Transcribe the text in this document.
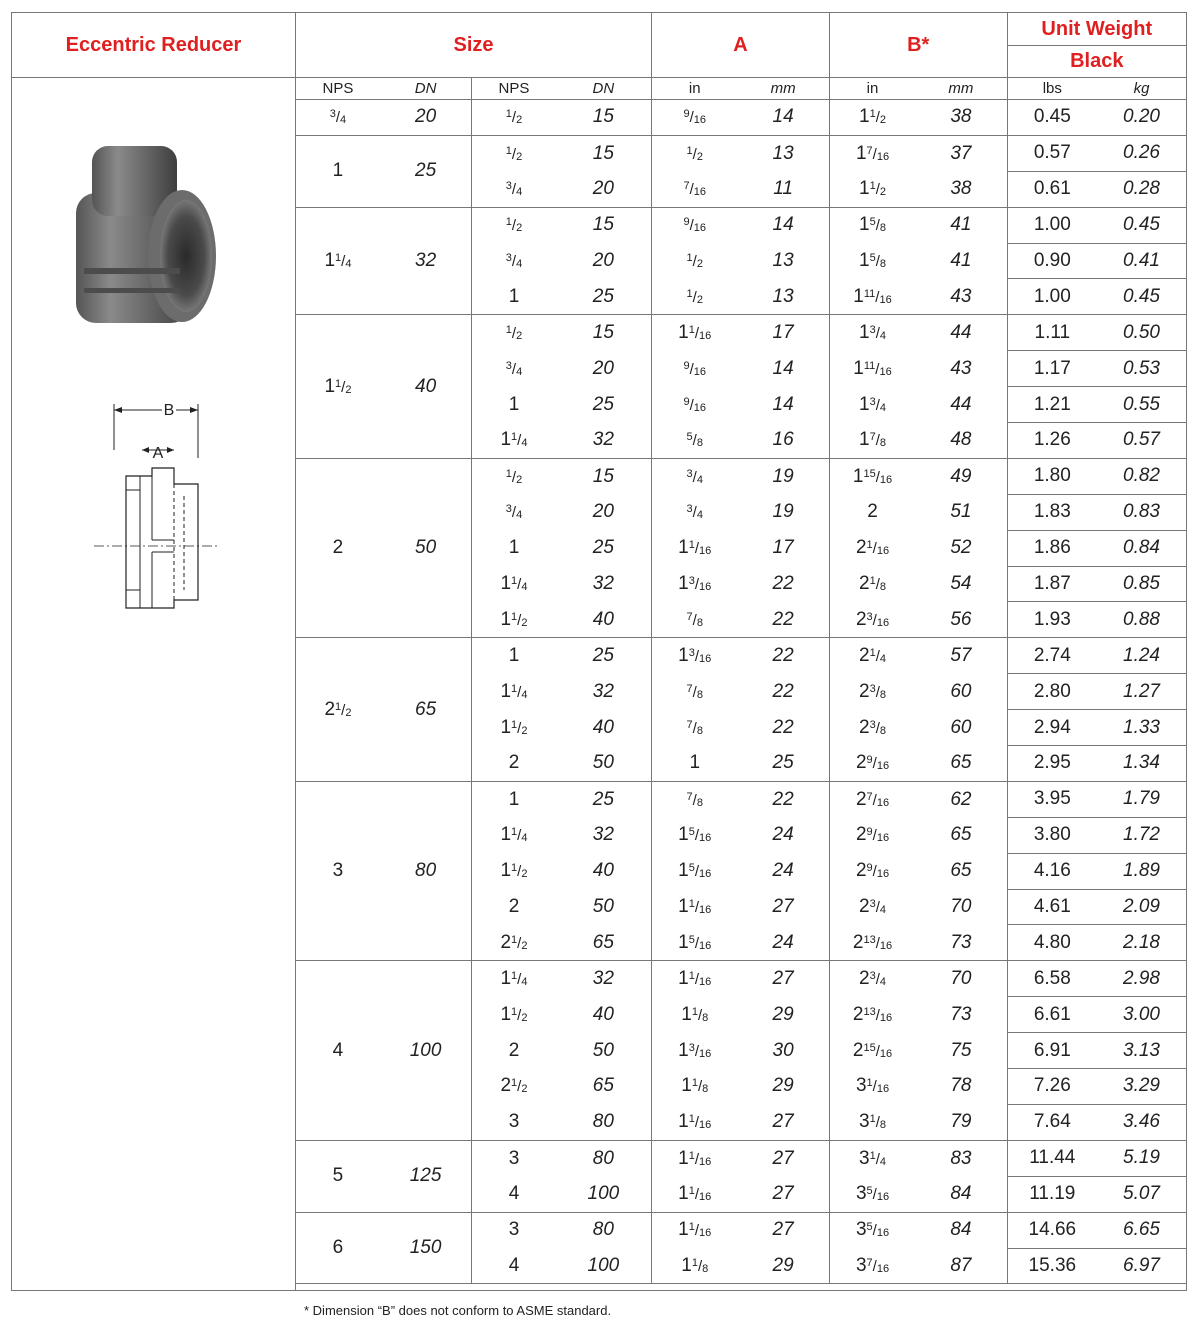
Eccentric Reducer
B
A
Size				A		B*		Unit Weight	
								Black	
NPS	DN	NPS	DN	in	mm	in	mm	lbs	kg
$^3/_4$	20	$^1/_2$	15	$^9/_{16}$	14	$1^1/_2$	38	0.45	0.20
1	25	$^1/_2$	15	$^1/_2$	13	$1^7/_{16}$	37	0.57	0.26
		$^3/_4$	20	$^7/_{16}$	11	$1^1/_2$	38	0.61	0.28
$1^1/_4$	32	$^1/_2$	15	$^9/_{16}$	14	$1^5/_8$	41	1.00	0.45
		$^3/_4$	20	$^1/_2$	13	$1^5/_8$	41	0.90	0.41
		1	25	$^1/_2$	13	$1^{11}/_{16}$	43	1.00	0.45
$1^1/_2$	40	$^1/_2$	15	$1^1/_{16}$	17	$1^3/_4$	44	1.11	0.50
		$^3/_4$	20	$^9/_{16}$	14	$1^{11}/_{16}$	43	1.17	0.53
		1	25	$^9/_{16}$	14	$1^3/_4$	44	1.21	0.55
		$1^1/_4$	32	$^5/_8$	16	$1^7/_8$	48	1.26	0.57
2	50	$^1/_2$	15	$^3/_4$	19	$1^{15}/_{16}$	49	1.80	0.82
		$^3/_4$	20	$^3/_4$	19	2	51	1.83	0.83
		1	25	$1^1/_{16}$	17	$2^1/_{16}$	52	1.86	0.84
		$1^1/_4$	32	$1^3/_{16}$	22	$2^1/_8$	54	1.87	0.85
		$1^1/_2$	40	$^7/_8$	22	$2^3/_{16}$	56	1.93	0.88
$2^1/_2$	65	1	25	$1^3/_{16}$	22	$2^1/_4$	57	2.74	1.24
		$1^1/_4$	32	$^7/_8$	22	$2^3/_8$	60	2.80	1.27
		$1^1/_2$	40	$^7/_8$	22	$2^3/_8$	60	2.94	1.33
		2	50	1	25	$2^9/_{16}$	65	2.95	1.34
3	80	1	25	$^7/_8$	22	$2^7/_{16}$	62	3.95	1.79
		$1^1/_4$	32	$1^5/_{16}$	24	$2^9/_{16}$	65	3.80	1.72
		$1^1/_2$	40	$1^5/_{16}$	24	$2^9/_{16}$	65	4.16	1.89
		2	50	$1^1/_{16}$	27	$2^3/_4$	70	4.61	2.09
		$2^1/_2$	65	$1^5/_{16}$	24	$2^{13}/_{16}$	73	4.80	2.18
4	100	$1^1/_4$	32	$1^1/_{16}$	27	$2^3/_4$	70	6.58	2.98
		$1^1/_2$	40	$1^1/_8$	29	$2^{13}/_{16}$	73	6.61	3.00
		2	50	$1^3/_{16}$	30	$2^{15}/_{16}$	75	6.91	3.13
		$2^1/_2$	65	$1^1/_8$	29	$3^1/_{16}$	78	7.26	3.29
		3	80	$1^1/_{16}$	27	$3^1/_8$	79	7.64	3.46
5	125	3	80	$1^1/_{16}$	27	$3^1/_4$	83	11.44	5.19
		4	100	$1^1/_{16}$	27	$3^5/_{16}$	84	11.19	5.07
6	150	3	80	$1^1/_{16}$	27	$3^5/_{16}$	84	14.66	6.65
		4	100	$1^1/_8$	29	$3^7/_{16}$	87	15.36	6.97
* Dimension “B” does not conform to ASME standard.									
